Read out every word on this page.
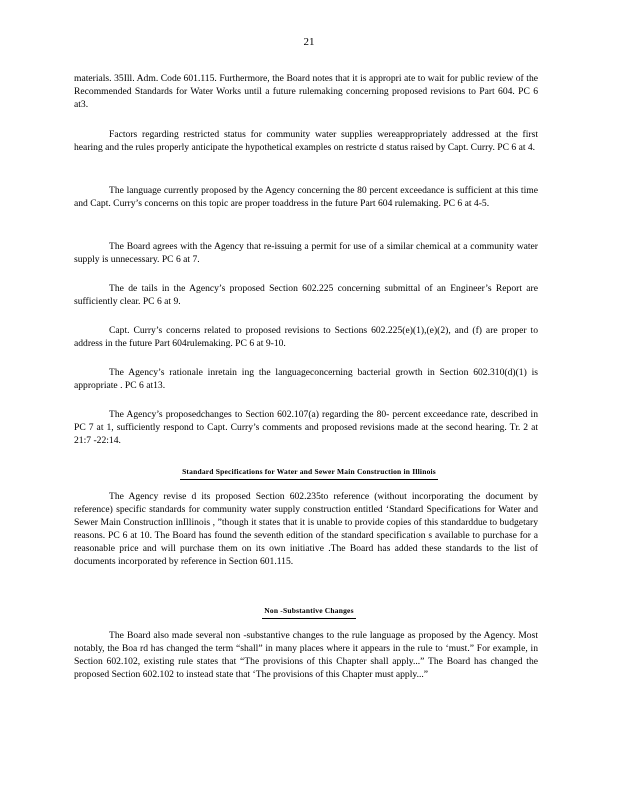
21

materials. 35Ill. Adm. Code 601.115. Furthermore, the Board notes that it is appropri ate to wait for public review of the Recommended Standards for Water Works until a future rulemaking concerning proposed revisions to Part 604. PC 6 at3.

Factors regarding restricted status for community water supplies wereappropriately addressed at the first hearing and the rules properly anticipate the hypothetical examples on restricte d status raised by Capt. Curry. PC 6 at 4.

The language currently proposed by the Agency concerning the 80 percent exceedance is sufficient at this time and Capt. Curry’s concerns on this topic are proper toaddress in the future Part 604 rulemaking. PC 6 at 4-5.

The Board agrees with the Agency that re-issuing a permit for use of a similar chemical at a community water supply is unnecessary. PC 6 at 7.

The de tails in the Agency’s proposed Section 602.225 concerning submittal of an Engineer’s Report are sufficiently clear. PC 6 at 9.

Capt. Curry’s concerns related to proposed revisions to Sections 602.225(e)(1),(e)(2), and (f) are proper to address in the future Part 604rulemaking. PC 6 at 9-10.

The Agency’s rationale inretain ing the languageconcerning bacterial growth in Section 602.310(d)(1) is appropriate . PC 6 at13.

The Agency’s proposedchanges to Section 602.107(a) regarding the 80- percent exceedance rate, described in PC 7 at 1, sufficiently respond to Capt. Curry’s comments and proposed revisions made at the second hearing. Tr. 2 at 21:7 -22:14.

Standard Specifications for Water and Sewer Main Construction in Illinois

The Agency revise d its proposed Section 602.235to reference (without incorporating the document by reference) specific standards for community water supply construction entitled ‘Standard Specifications for Water and Sewer Main Construction inIllinois , ”though it states that it is unable to provide copies of this standarddue to budgetary reasons. PC 6 at 10. The Board has found the seventh edition of the standard specification s available to purchase for a reasonable price and will purchase them on its own initiative .The Board has added these standards to the list of documents incorporated by reference in Section 601.115.

Non -Substantive Changes

The Board also made several non -substantive changes to the rule language as proposed by the Agency. Most notably, the Boa rd has changed the term “shall” in many places where it appears in the rule to ‘must.” For example, in Section 602.102, existing rule states that “The provisions of this Chapter shall apply...” The Board has changed the proposed Section 602.102 to instead state that ‘The provisions of this Chapter must apply...”
